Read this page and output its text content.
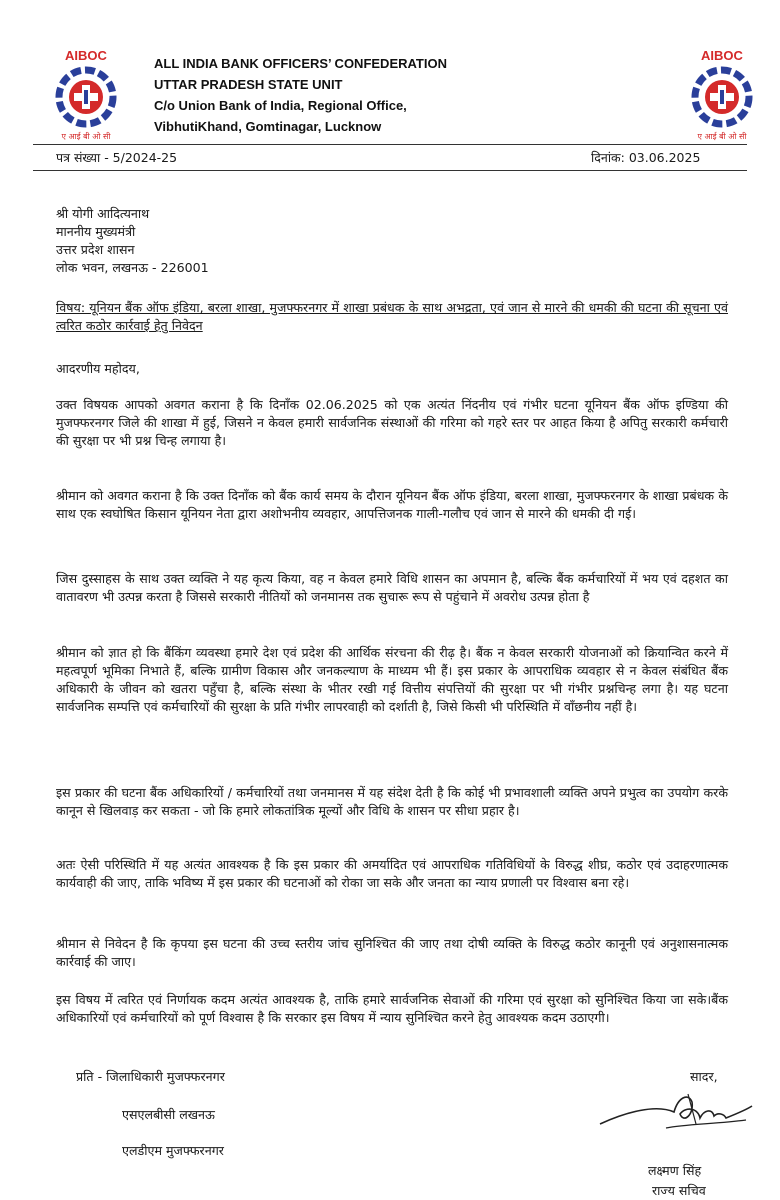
AIBOC
ए आई बी ओ सी
AIBOC
ए आई बी ओ सी
ALL INDIA BANK OFFICERS’ CONFEDERATION
UTTAR PRADESH STATE UNIT
C/o Union Bank of India, Regional Office,
VibhutiKhand, Gomtinagar, Lucknow
पत्र संख्या - 5/2024-25	दिनांक: 03.06.2025
श्री योगी आदित्यनाथ
माननीय मुख्यमंत्री
उत्तर प्रदेश शासन
लोक भवन, लखनऊ - 226001
विषय: यूनियन बैंक ऑफ इंडिया, बरला शाखा, मुजफ्फरनगर में शाखा प्रबंधक के साथ अभद्रता, एवं जान से मारने की धमकी की घटना की सूचना एवं त्वरित कठोर कार्रवाई हेतु निवेदन
आदरणीय महोदय,
उक्त विषयक आपको अवगत कराना है कि दिनाँक 02.06.2025 को एक अत्यंत निंदनीय एवं गंभीर घटना यूनियन बैंक ऑफ इण्डिया की मुजफ्फरनगर जिले की शाखा में हुई, जिसने न केवल हमारी सार्वजनिक संस्थाओं की गरिमा को गहरे स्तर पर आहत किया है अपितु सरकारी कर्मचारी की सुरक्षा पर भी प्रश्न चिन्ह लगाया है।
श्रीमान को अवगत कराना है कि उक्त दिनाँक को बैंक कार्य समय के दौरान यूनियन बैंक ऑफ इंडिया, बरला शाखा, मुजफ्फरनगर के शाखा प्रबंधक के साथ एक स्वघोषित किसान यूनियन नेता द्वारा अशोभनीय व्यवहार, आपत्तिजनक गाली-गलौच एवं जान से मारने की धमकी दी गई।
जिस दुस्साहस के साथ उक्त व्यक्ति ने यह कृत्य किया, वह न केवल हमारे विधि शासन का अपमान है, बल्कि बैंक कर्मचारियों में भय एवं दहशत का वातावरण भी उत्पन्न करता है जिससे सरकारी नीतियों को जनमानस तक सुचारू रूप से पहुंचाने में अवरोध उत्पन्न होता है
श्रीमान को ज्ञात हो कि बैंकिंग व्यवस्था हमारे देश एवं प्रदेश की आर्थिक संरचना की रीढ़ है। बैंक न केवल सरकारी योजनाओं को क्रियान्वित करने में महत्वपूर्ण भूमिका निभाते हैं, बल्कि ग्रामीण विकास और जनकल्याण के माध्यम भी हैं। इस प्रकार के आपराधिक व्यवहार से न केवल संबंधित बैंक अधिकारी के जीवन को खतरा पहुँचा है, बल्कि संस्था के भीतर रखी गई वित्तीय संपत्तियों की सुरक्षा पर भी गंभीर प्रश्नचिन्ह लगा है। यह घटना सार्वजनिक सम्पत्ति एवं कर्मचारियों की सुरक्षा के प्रति गंभीर लापरवाही को दर्शाती है, जिसे किसी भी परिस्थिति में वाँछनीय नहीं है।
इस प्रकार की घटना बैंक अधिकारियों / कर्मचारियों तथा जनमानस में यह संदेश देती है कि कोई भी प्रभावशाली व्यक्ति अपने प्रभुत्व का उपयोग करके कानून से खिलवाड़ कर सकता - जो कि हमारे लोकतांत्रिक मूल्यों और विधि के शासन पर सीधा प्रहार है।
अतः ऐसी परिस्थिति में यह अत्यंत आवश्यक है कि इस प्रकार की अमर्यादित एवं आपराधिक गतिविधियों के विरुद्ध शीघ्र, कठोर एवं उदाहरणात्मक कार्यवाही की जाए, ताकि भविष्य में इस प्रकार की घटनाओं को रोका जा सके और जनता का न्याय प्रणाली पर विश्वास बना रहे।
श्रीमान से निवेदन है कि कृपया इस घटना की उच्च स्तरीय जांच सुनिश्चित की जाए तथा दोषी व्यक्ति के विरुद्ध कठोर कानूनी एवं अनुशासनात्मक कार्रवाई की जाए।
इस विषय में त्वरित एवं निर्णायक कदम अत्यंत आवश्यक है, ताकि हमारे सार्वजनिक सेवाओं की गरिमा एवं सुरक्षा को सुनिश्चित किया जा सके।बैंक अधिकारियों एवं कर्मचारियों को पूर्ण विश्वास है कि सरकार इस विषय में न्याय सुनिश्चित करने हेतु आवश्यक कदम उठाएगी।
प्रति - जिलाधिकारी मुजफ्फरनगर
एसएलबीसी लखनऊ
एलडीएम मुजफ्फरनगर
सादर,
लक्ष्मण सिंह
राज्य सचिव
